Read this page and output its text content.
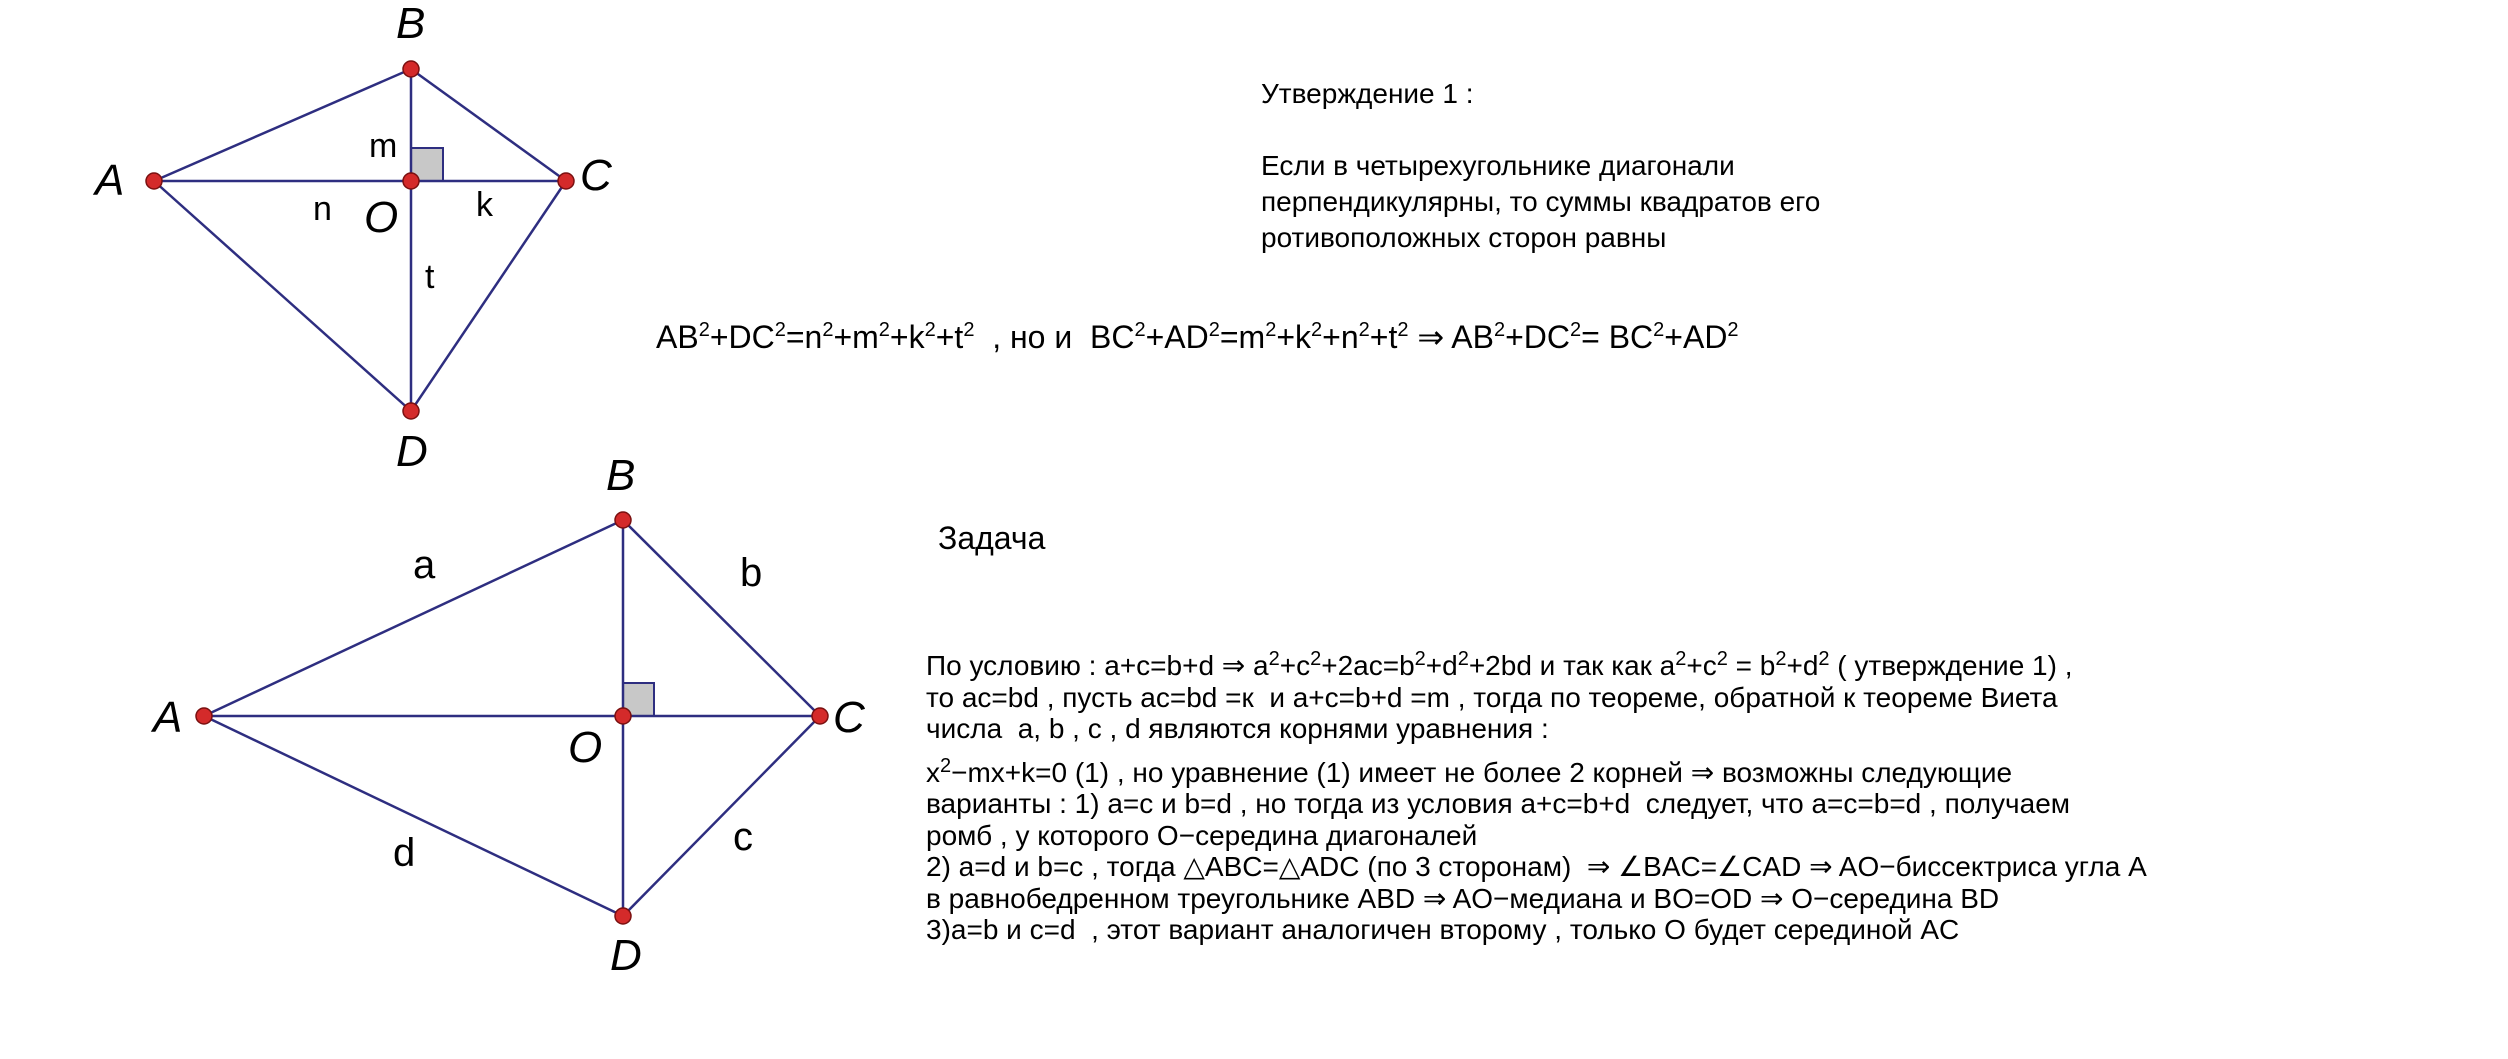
B
A	C
D
O
m
n	k
t
B
A	C
D
O
a	b
c
d
Утверждение 1 :
Если в четырехугольнике диагонали
перпендикулярны, то суммы квадратов его
ротивоположных сторон равны
$AB^2+DC^2=n^2+m^2+k^2+t^2$  , но и  $BC^2+AD^2=m^2+k^2+n^2+t^2$ ⇒ $AB^2+DC^2= BC^2+AD^2$
Задача
По условию : a+c=b+d ⇒ $a^2+c^2+2ac=b^2+d^2+2bd$ и так как $a^2+c^2 = b^2+d^2$ ( утверждение 1) ,
то ac=bd , пусть ac=bd =к  и a+c=b+d =m , тогда по теореме, обратной к теореме Виета
числа  a, b , c , d являются корнями уравнения :
$x^2-mx+k=0$ (1) , но уравнение (1) имеет не более 2 корней ⇒ возможны следующие
варианты : 1) a=c и b=d , но тогда из условия a+c=b+d  следует, что a=c=b=d , получаем
ромб , у которого O−середина диагоналей
2) a=d и b=c , тогда △ABC=△ADC (по 3 сторонам)  ⇒ ∠BAC=∠CAD ⇒ AO−биссектриса угла A
в равнобедренном треугольнике ABD ⇒ AO−медиана и BO=OD ⇒ O−середина BD
3)a=b и c=d  , этот вариант аналогичен второму , только O будет серединой AC
